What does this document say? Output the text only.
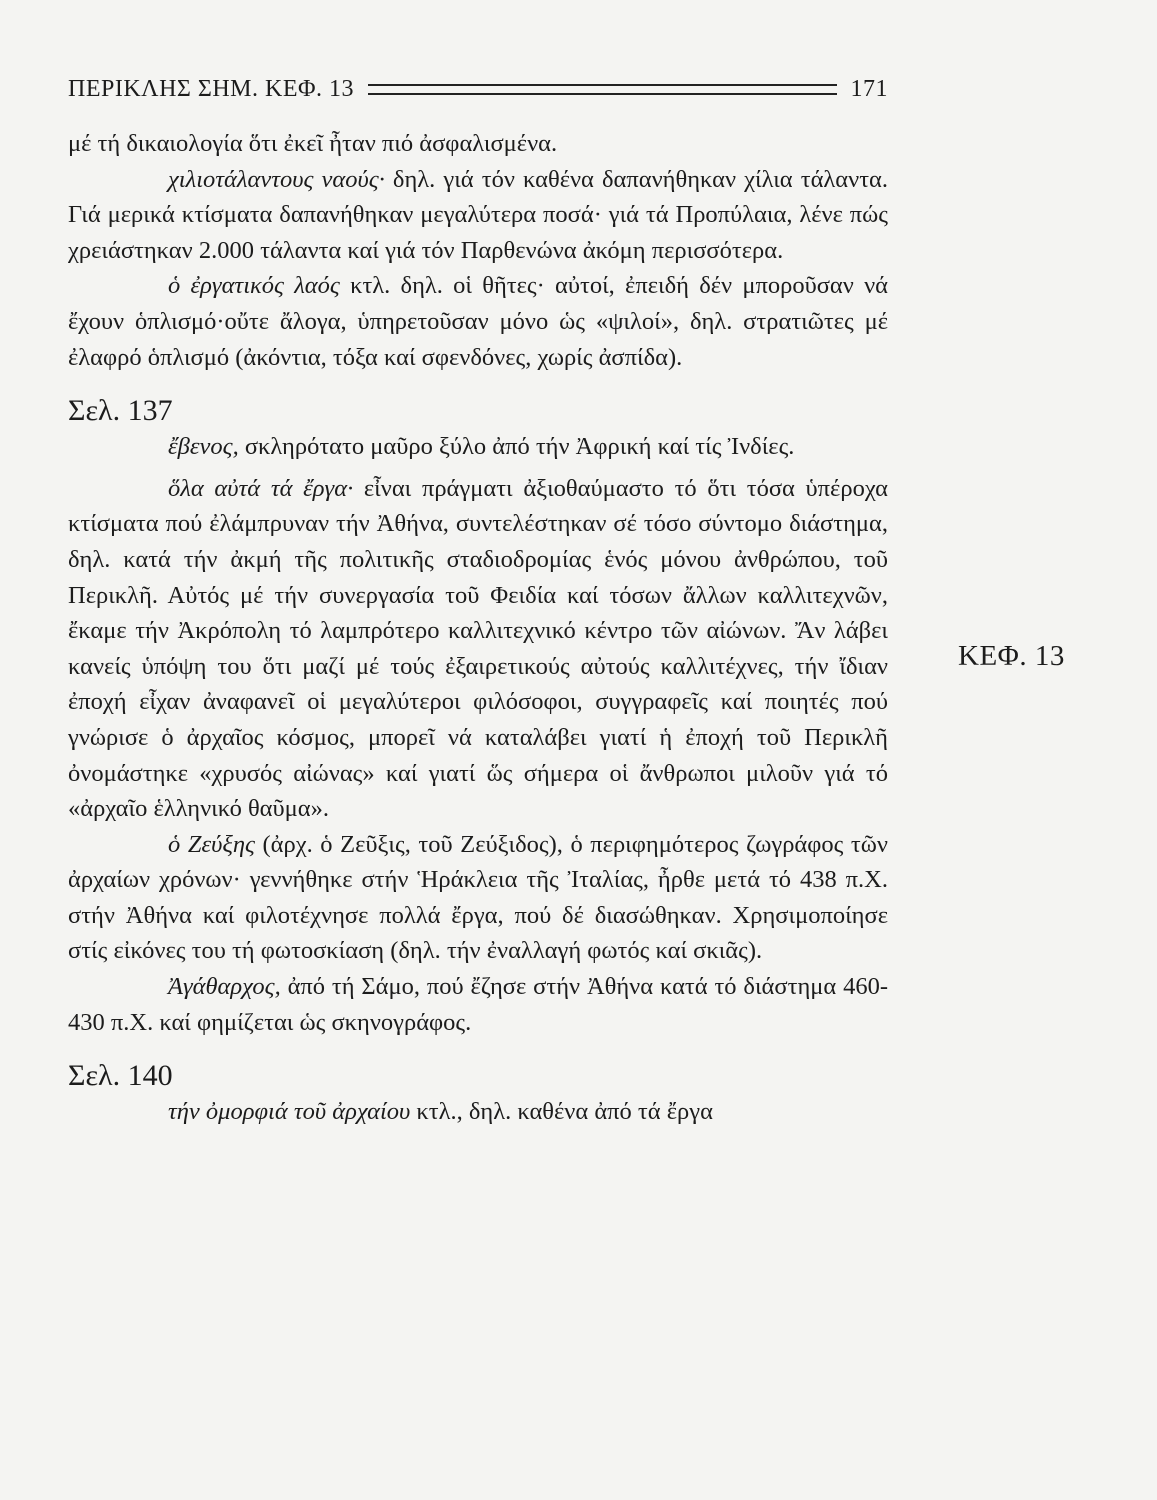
ΠΕΡΙΚΛΗΣ ΣΗΜ. ΚΕΦ. 13	171

μέ τή δικαιολογία ὅτι ἐκεῖ ἦταν πιό ἀσφαλισμένα.

χιλιοτάλαντους ναούς· δηλ. γιά τόν καθένα δαπανήθηκαν χίλια τάλαντα. Γιά μερικά κτίσματα δαπανήθηκαν μεγαλύτερα ποσά· γιά τά Προπύλαια, λένε πώς χρειάστηκαν 2.000 τάλαντα καί γιά τόν Παρθενώνα ἀκόμη περισσότερα.

ὁ ἐργατικός λαός κτλ. δηλ. οἱ θῆτες· αὐτοί, ἐπειδή δέν μποροῦσαν νά ἔχουν ὁπλισμό·οὔτε ἄλογα, ὑπηρετοῦσαν μόνο ὡς «ψιλοί», δηλ. στρατιῶτες μέ ἐλαφρό ὁπλισμό (ἀκόντια, τόξα καί σφενδόνες, χωρίς ἀσπίδα).

Σελ. 137

ἔβενος, σκληρότατο μαῦρο ξύλο ἀπό τήν Ἀφρική καί τίς Ἰνδίες.

ὅλα αὐτά τά ἔργα· εἶναι πράγματι ἀξιοθαύμαστο τό ὅτι τόσα ὑπέροχα κτίσματα πού ἐλάμπρυναν τήν Ἀθήνα, συντελέστηκαν σέ τόσο σύντομο διάστημα, δηλ. κατά τήν ἀκμή τῆς πολιτικῆς σταδιοδρομίας ἑνός μόνου ἀνθρώπου, τοῦ Περικλῆ. Αὐτός μέ τήν συνεργασία τοῦ Φειδία καί τόσων ἄλλων καλλιτεχνῶν, ἔκαμε τήν Ἀκρόπολη τό λαμπρότερο καλλιτεχνικό κέντρο τῶν αἰώνων. Ἄν λάβει κανείς ὑπόψη του ὅτι μαζί μέ τούς ἐξαιρετικούς αὐτούς καλλιτέχνες, τήν ἴδιαν ἐποχή εἶχαν ἀναφανεῖ οἱ μεγαλύτεροι φιλόσοφοι, συγγραφεῖς καί ποιητές πού γνώρισε ὁ ἀρχαῖος κόσμος, μπορεῖ νά καταλάβει γιατί ἡ ἐποχή τοῦ Περικλῆ ὀνομάστηκε «χρυσός αἰώνας» καί γιατί ὥς σήμερα οἱ ἄνθρωποι μιλοῦν γιά τό «ἀρχαῖο ἑλληνικό θαῦμα».

ὁ Ζεύξης (ἀρχ. ὁ Ζεῦξις, τοῦ Ζεύξιδος), ὁ περιφημότερος ζωγράφος τῶν ἀρχαίων χρόνων· γεννήθηκε στήν Ἡράκλεια τῆς Ἰταλίας, ἦρθε μετά τό 438 π.Χ. στήν Ἀθήνα καί φιλοτέχνησε πολλά ἔργα, πού δέ διασώθηκαν. Χρησιμοποίησε στίς εἰκόνες του τή φωτοσκίαση (δηλ. τήν ἐναλλαγή φωτός καί σκιᾶς).

Ἀγάθαρχος, ἀπό τή Σάμο, πού ἔζησε στήν Ἀθήνα κατά τό διάστημα 460-430 π.Χ. καί φημίζεται ὡς σκηνογράφος.

Σελ. 140

τήν ὀμορφιά τοῦ ἀρχαίου κτλ., δηλ. καθένα ἀπό τά ἔργα

ΚΕΦ. 13
